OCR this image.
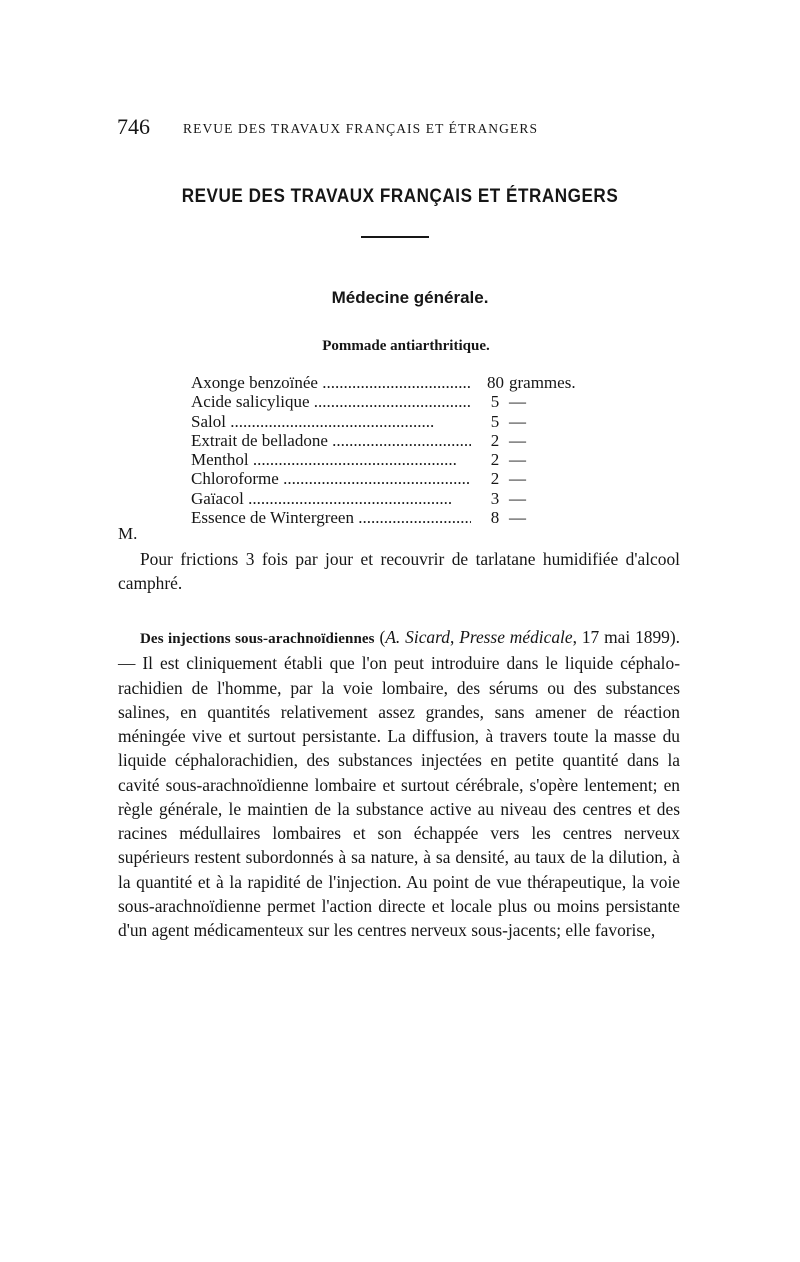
746 REVUE DES TRAVAUX FRANÇAIS ET ÉTRANGERS
REVUE DES TRAVAUX FRANÇAIS ET ÉTRANGERS
Médecine générale.
Pommade antiarthritique.
Axonge benzoïnée .....	80 grammes.
Acide salicylique .....	5 —
Salol .....	5 —
Extrait de belladone .....	2 —
Menthol .....	2 —
Chloroforme .....	2 —
Gaïacol .....	3 —
Essence de Wintergreen .....	8 —
M.

Pour frictions 3 fois par jour et recouvrir de tarlatane humidifiée d'alcool camphré.

Des injections sous-arachnoïdiennes (A. Sicard, Presse médicale, 17 mai 1899). — Il est cliniquement établi que l'on peut introduire dans le liquide céphalo-rachidien de l'homme, par la voie lombaire, des sérums ou des substances salines, en quantités relativement assez grandes, sans amener de réaction méningée vive et surtout persistante. La diffusion, à travers toute la masse du liquide céphalorachidien, des substances injectées en petite quantité dans la cavité sous-arachnoïdienne lombaire et surtout cérébrale, s'opère lentement; en règle générale, le maintien de la substance active au niveau des centres et des racines médullaires lombaires et son échappée vers les centres nerveux supérieurs restent subordonnés à sa nature, à sa densité, au taux de la dilution, à la quantité et à la rapidité de l'injection. Au point de vue thérapeutique, la voie sous-arachnoïdienne permet l'action directe et locale plus ou moins persistante d'un agent médicamenteux sur les centres nerveux sous-jacents; elle favorise,
